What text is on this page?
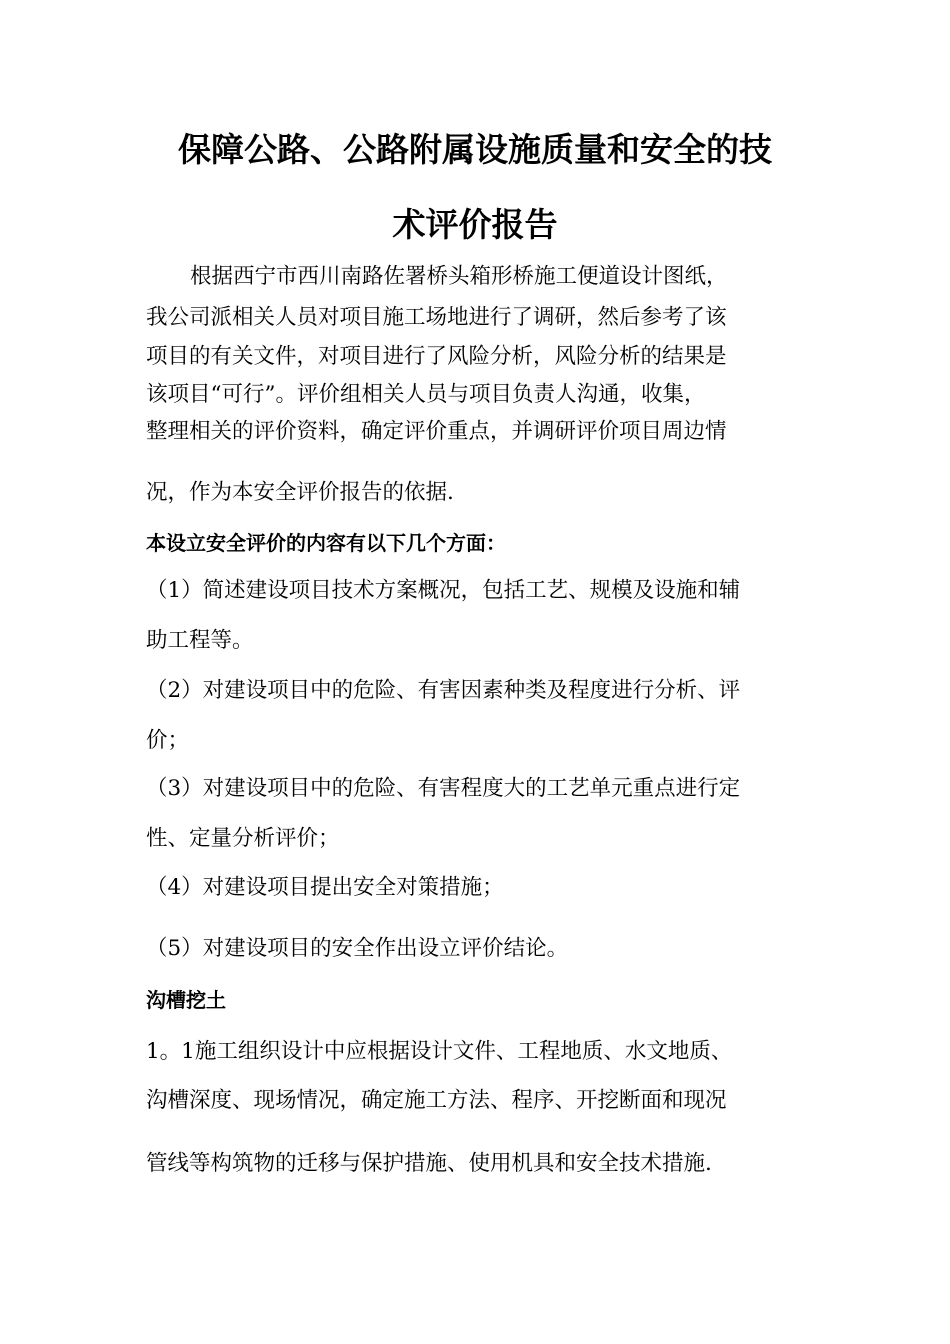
保障公路、公路附属设施质量和安全的技
术评价报告
根据西宁市西川南路佐署桥头箱形桥施工便道设计图纸，
我公司派相关人员对项目施工场地进行了调研，然后参考了该
项目的有关文件，对项目进行了风险分析，风险分析的结果是
该项目“可行”。评价组相关人员与项目负责人沟通，收集，
整理相关的评价资料，确定评价重点，并调研评价项目周边情
况，作为本安全评价报告的依据.
本设立安全评价的内容有以下几个方面：
（1）简述建设项目技术方案概况，包括工艺、规模及设施和辅
助工程等。
（2）对建设项目中的危险、有害因素种类及程度进行分析、评
价；
（3）对建设项目中的危险、有害程度大的工艺单元重点进行定
性、定量分析评价；
（4）对建设项目提出安全对策措施；
（5）对建设项目的安全作出设立评价结论。
沟槽挖土
1。1施工组织设计中应根据设计文件、工程地质、水文地质、
沟槽深度、现场情况，确定施工方法、程序、开挖断面和现况
管线等构筑物的迁移与保护措施、使用机具和安全技术措施.
